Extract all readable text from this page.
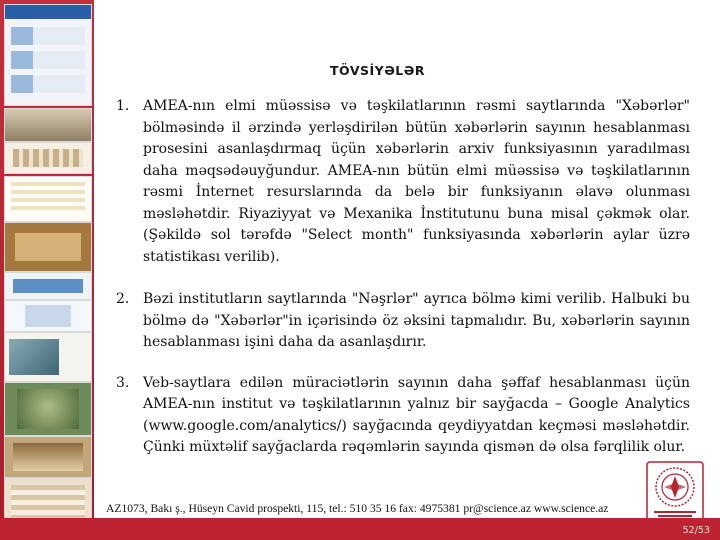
TÖVSİYƏLƏR
1. AMEA-nın elmi müəssisə və təşkilatlarının rəsmi saytlarında "Xəbərlər" bölməsində il ərzində yerləşdirilən bütün xəbərlərin sayının hesablanması prosesini asanlaşdırmaq üçün xəbərlərin arxiv funksiyasının yaradılması daha məqsədəuyğundur. AMEA-nın bütün elmi müəssisə və təşkilatlarının rəsmi İnternet resurslarında da belə bir funksiyanın əlavə olunması məsləhətdir. Riyaziyyat və Mexanika İnstitutunu buna misal çəkmək olar. (Şəkildə sol tərəfdə "Select month" funksiyasında xəbərlərin aylar üzrə statistikası verilib).
2. Bəzi institutların saytlarında "Nəşrlər" ayrıca bölmə kimi verilib. Halbuki bu bölmə də "Xəbərlər"in içərisində öz əksini tapmalıdır. Bu, xəbərlərin sayının hesablanması işini daha da asanlaşdırır.
3. Veb-saytlara edilən müraciətlərin sayının daha şəffaf hesablanması üçün AMEA-nın institut və təşkilatlarının yalnız bir sayğacda – Google Analytics (www.google.com/analytics/) sayğacında qeydiyyatdan keçməsi məsləhətdir. Çünki müxtəlif sayğaclarda rəqəmlərin sayında qismən də olsa fərqlilik olur.
AZ1073, Bakı ş., Hüseyn Cavid prospekti, 115, tel.: 510 35 16 fax: 4975381 pr@science.az www.science.az
52/53
